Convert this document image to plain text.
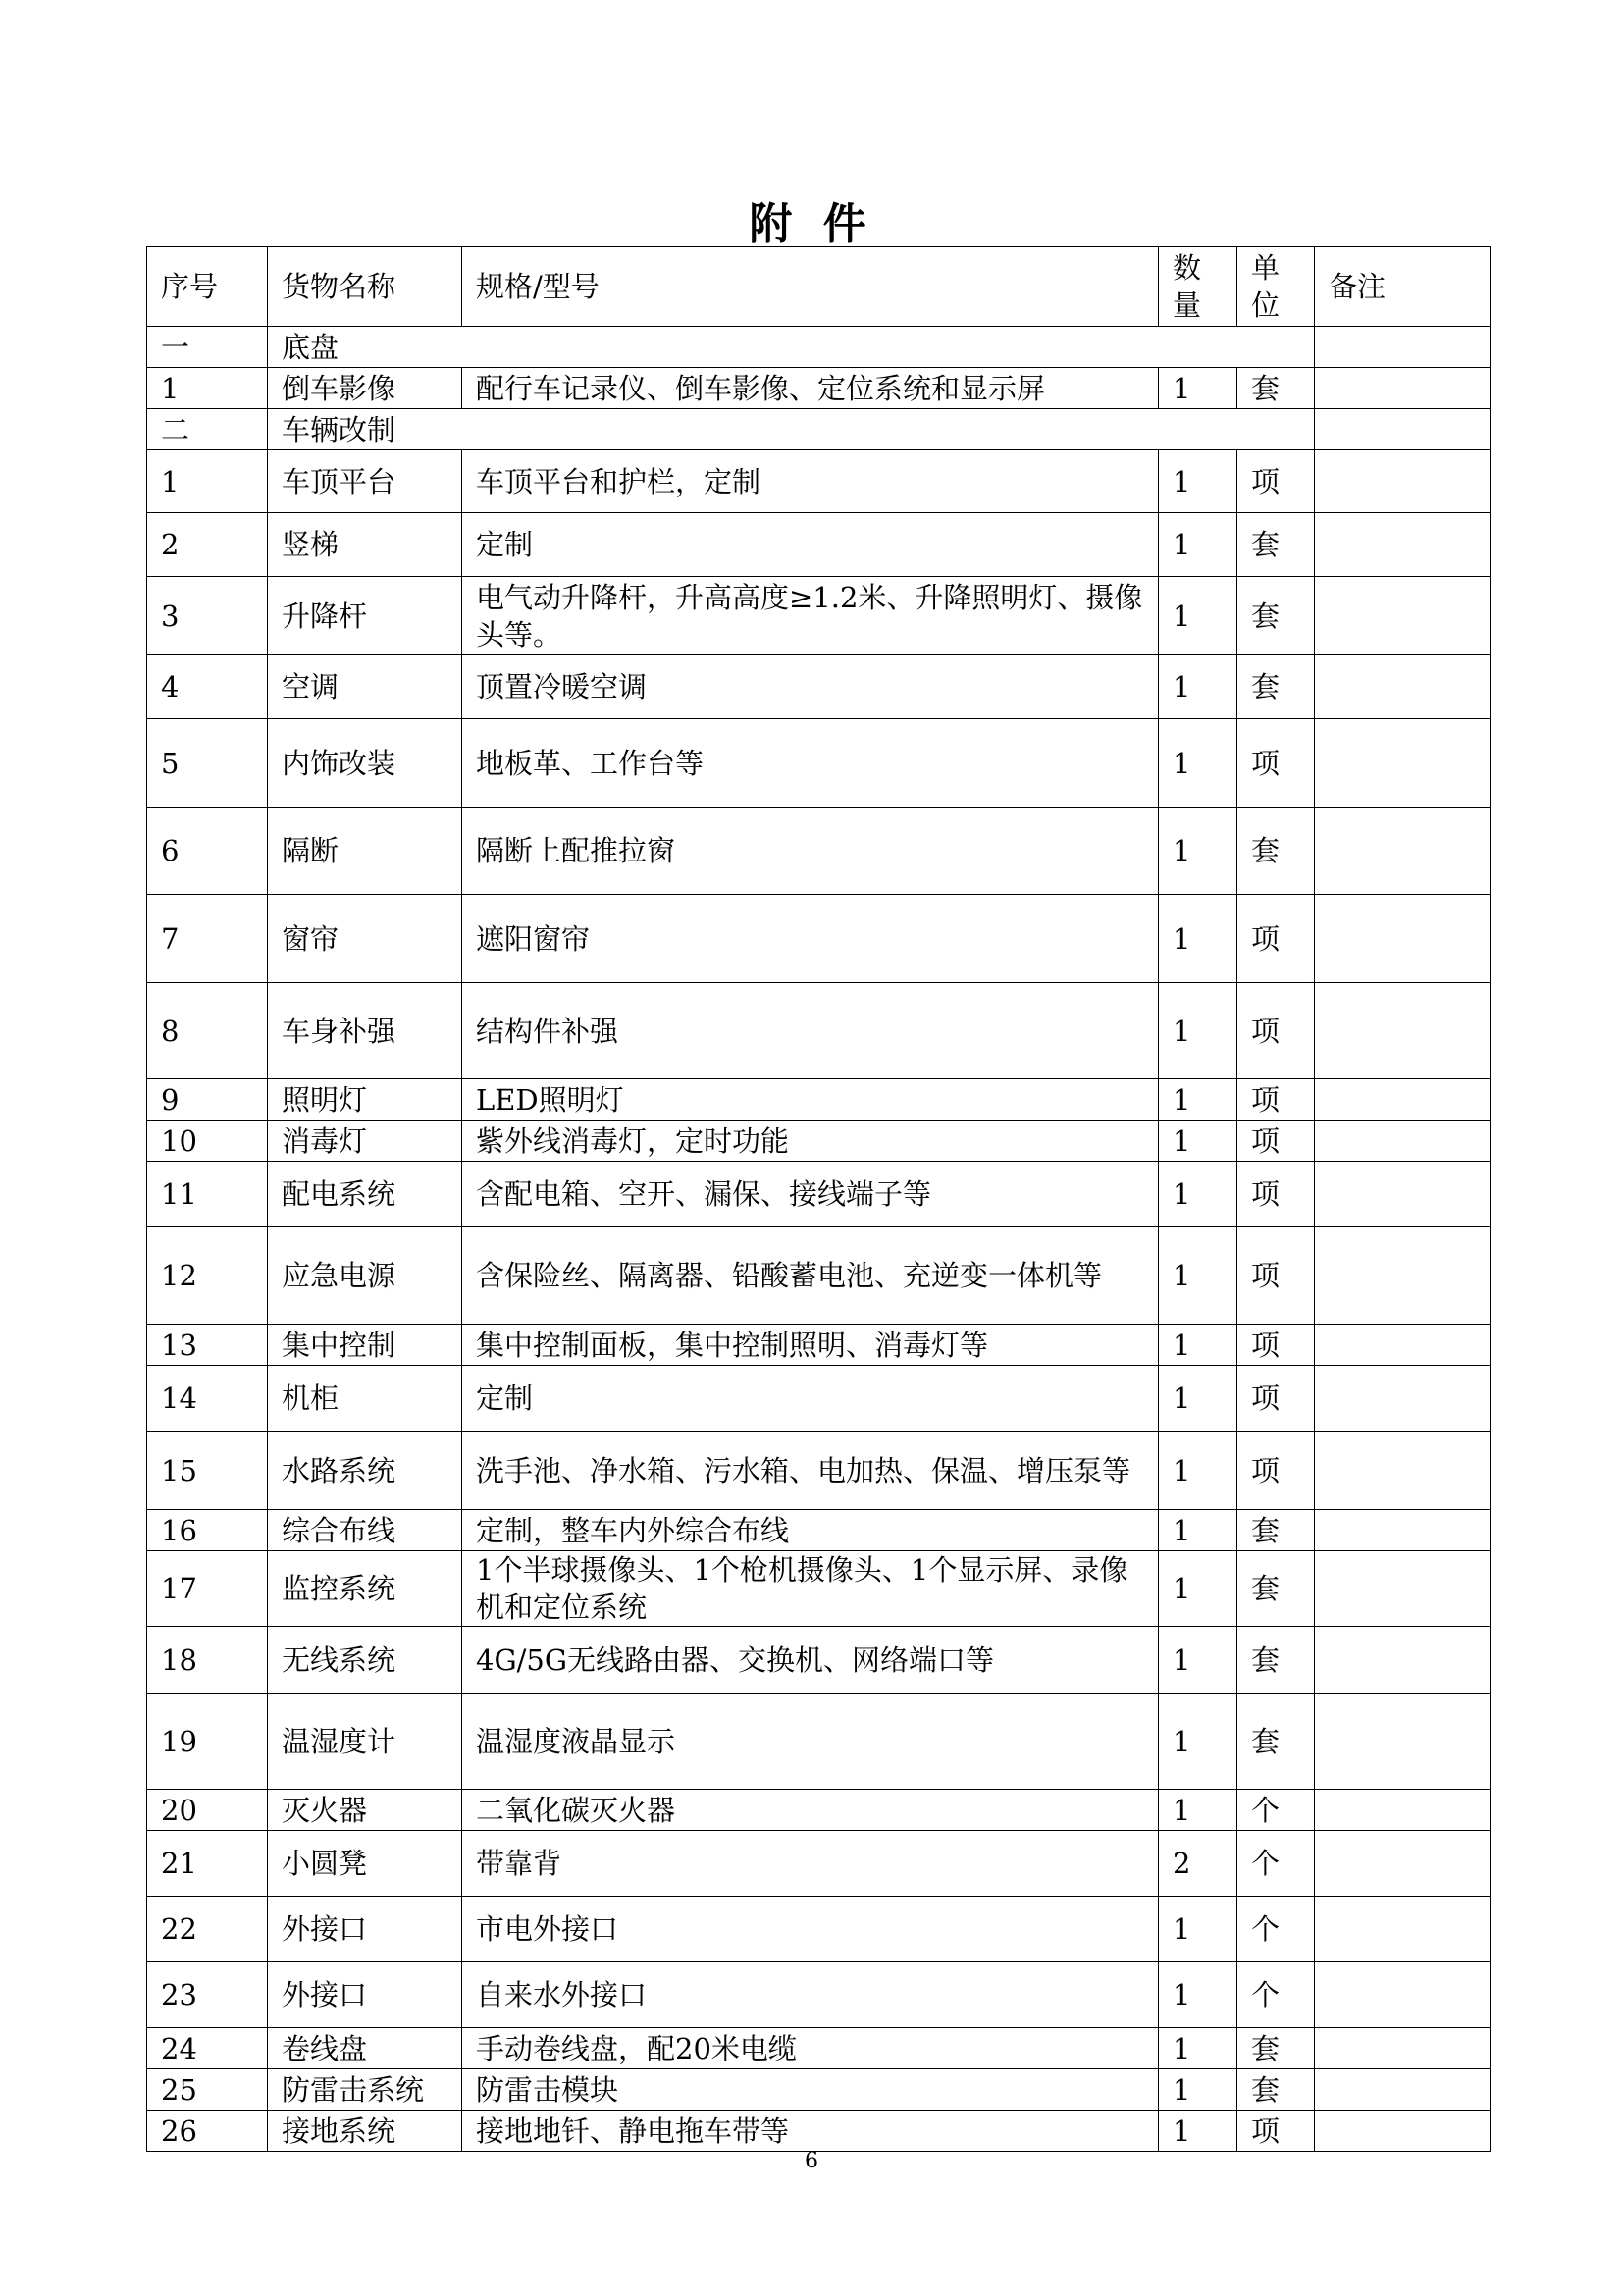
附 件
序号	货物名称	规格/型号	数量	单位	备注
一	底盘				
1	倒车影像	配行车记录仪、倒车影像、定位系统和显示屏	1	套	
二	车辆改制				
1	车顶平台	车顶平台和护栏，定制	1	项	
2	竖梯	定制	1	套	
3	升降杆	电气动升降杆，升高高度≥1.2米、升降照明灯、摄像头等。	1	套	
4	空调	顶置冷暖空调	1	套	
5	内饰改装	地板革、工作台等	1	项	
6	隔断	隔断上配推拉窗	1	套	
7	窗帘	遮阳窗帘	1	项	
8	车身补强	结构件补强	1	项	
9	照明灯	LED照明灯	1	项	
10	消毒灯	紫外线消毒灯，定时功能	1	项	
11	配电系统	含配电箱、空开、漏保、接线端子等	1	项	
12	应急电源	含保险丝、隔离器、铅酸蓄电池、充逆变一体机等	1	项	
13	集中控制	集中控制面板，集中控制照明、消毒灯等	1	项	
14	机柜	定制	1	项	
15	水路系统	洗手池、净水箱、污水箱、电加热、保温、增压泵等	1	项	
16	综合布线	定制，整车内外综合布线	1	套	
17	监控系统	1个半球摄像头、1个枪机摄像头、1个显示屏、录像机和定位系统	1	套	
18	无线系统	4G/5G无线路由器、交换机、网络端口等	1	套	
19	温湿度计	温湿度液晶显示	1	套	
20	灭火器	二氧化碳灭火器	1	个	
21	小圆凳	带靠背	2	个	
22	外接口	市电外接口	1	个	
23	外接口	自来水外接口	1	个	
24	卷线盘	手动卷线盘，配20米电缆	1	套	
25	防雷击系统	防雷击模块	1	套	
26	接地系统	接地地钎、静电拖车带等	1	项	
6
